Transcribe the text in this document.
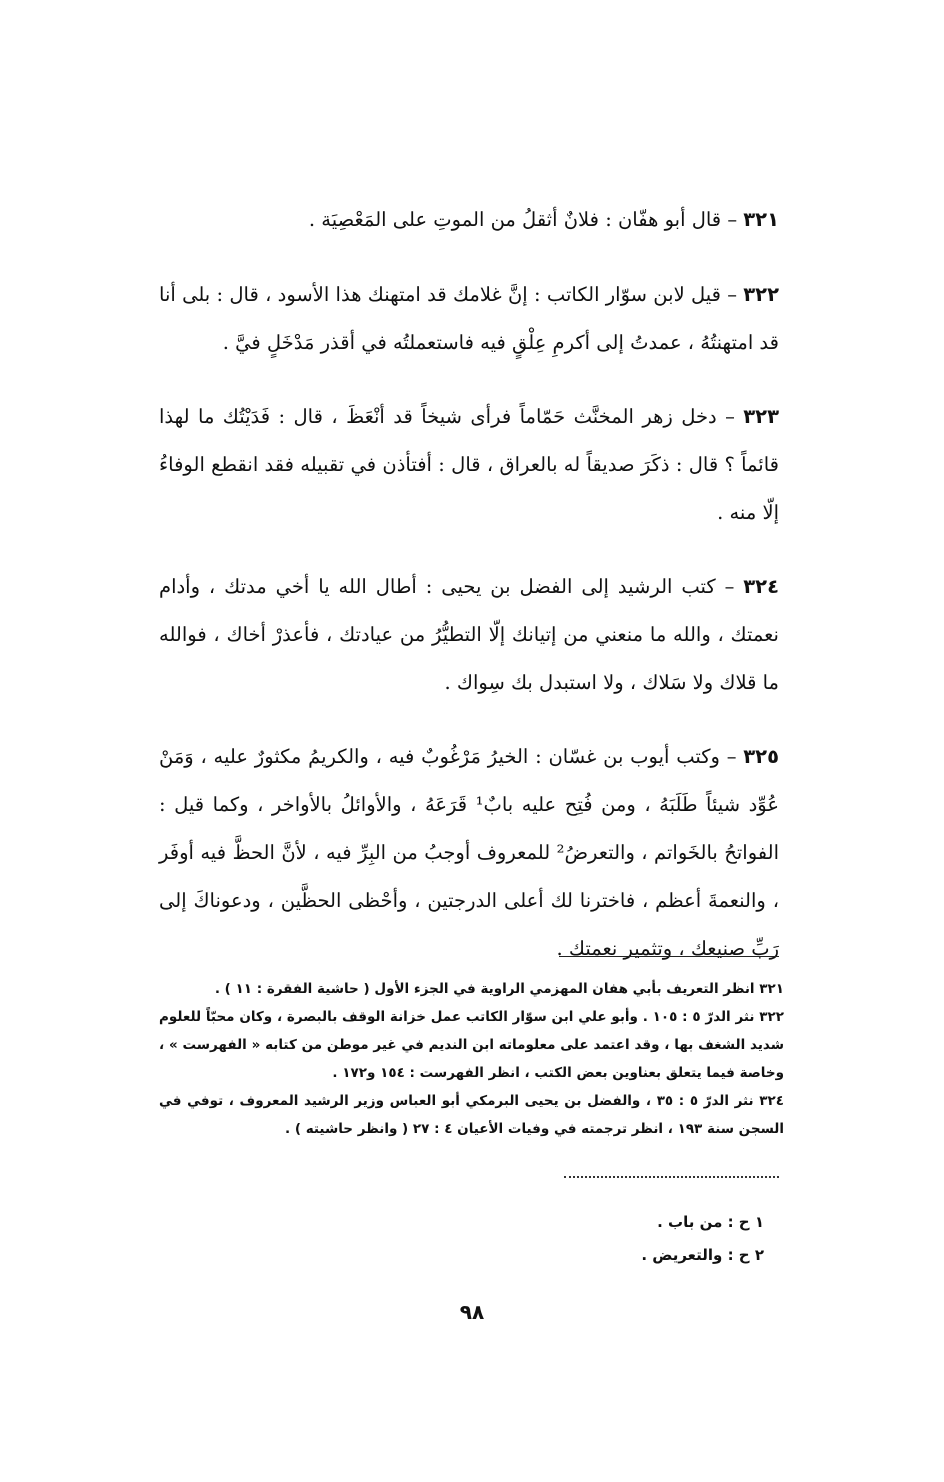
٣٢١ – قال أبو هفّان : فلانٌ أثقلُ من الموتِ على المَعْصِيَة .

٣٢٢ – قيل لابن سوّار الكاتب : إنَّ غلامك قد امتهنك هذا الأسود ، قال : بلى أنا قد امتهنتُهُ ، عمدتُ إلى أكرمِ عِلْقٍ فيه فاستعملتُه في أقذر مَدْخَلٍ فيَّ .

٣٢٣ – دخل زهر المخنَّث حَمّاماً فرأى شيخاً قد أنْعَظَ ، قال : فَدَيْتُك ما لهذا قائماً ؟ قال : ذكَرَ صديقاً له بالعراق ، قال : أفتأذن في تقبيله فقد انقطع الوفاءُ إلّا منه .

٣٢٤ – كتب الرشيد إلى الفضل بن يحيى : أطال الله يا أخي مدتك ، وأدام نعمتك ، والله ما منعني من إتيانك إلّا التطيُّرُ من عيادتك ، فأعذرْ أخاك ، فوالله ما قلاك ولا سَلاك ، ولا استبدل بك سِواك .

٣٢٥ – وكتب أيوب بن غسّان : الخيرُ مَرْغُوبٌ فيه ، والكريمُ مكثورٌ عليه ، وَمَنْ عُوِّد شيئاً طَلَبَهُ ، ومن فُتِح عليه بابٌ¹ قَرَعَهُ ، والأوائلُ بالأواخر ، وكما قيل : الفواتحُ بالخَواتم ، والتعرضُ² للمعروف أوجبُ من البِرِّ فيه ، لأنَّ الحظَّ فيه أوفَر ، والنعمةَ أعظم ، فاخترنا لك أعلى الدرجتين ، وأحْظى الحظَّين ، ودعوناكَ إلى رَبِّ صنيعك ، وتثمير نعمتك .

٣٢١ انظر التعريف بأبي هفان المهزمي الراوية في الجزء الأول ( حاشية الفقرة : ١١ ) .

٣٢٢ نثر الدرّ ٥ : ١٠٥ . وأبو علي ابن سوّار الكاتب عمل خزانة الوقف بالبصرة ، وكان محبّاً للعلوم شديد الشغف بها ، وقد اعتمد على معلوماته ابن النديم في غير موطن من كتابه « الفهرست » ، وخاصة فيما يتعلق بعناوين بعض الكتب ، انظر الفهرست : ١٥٤ و١٧٢ .

٣٢٤ نثر الدرّ ٥ : ٣٥ ، والفضل بن يحيى البرمكي أبو العباس وزير الرشيد المعروف ، توفي في السجن سنة ١٩٣ ، انظر ترجمته في وفيات الأعيان ٤ : ٢٧ ( وانظر حاشيته ) .

١ ح : من باب .

٢ ح : والتعريض .

٩٨
